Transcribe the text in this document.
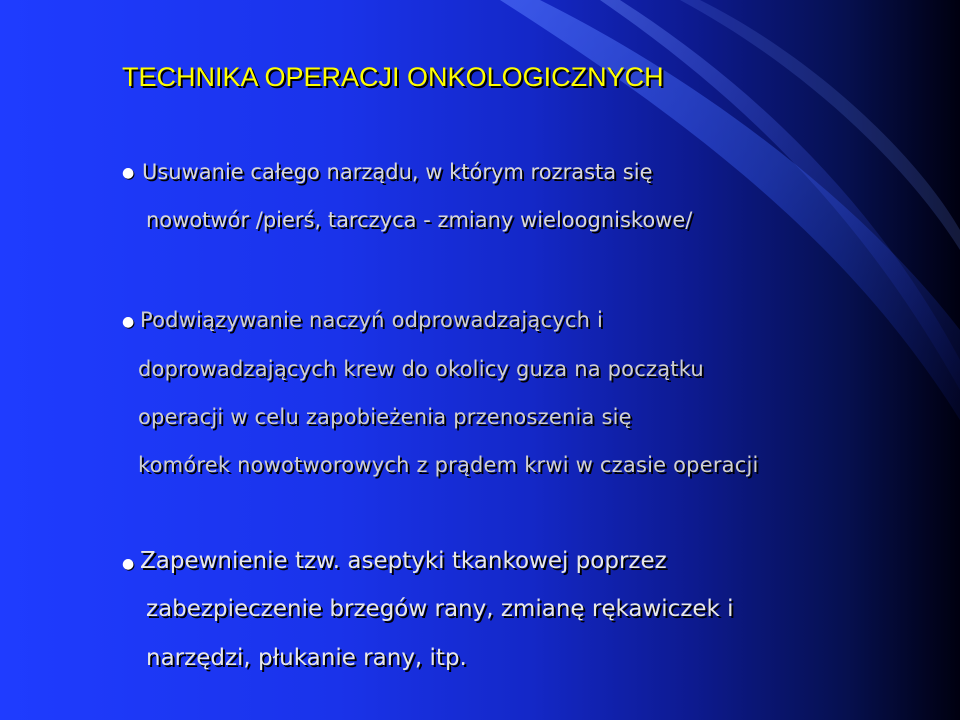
TECHNIKA OPERACJI ONKOLOGICZNYCH
● Usuwanie całego narządu, w którym rozrasta się
nowotwór /pierś, tarczyca - zmiany wieloogniskowe/
● Podwiązywanie naczyń odprowadzających i
doprowadzających krew do okolicy guza na początku
operacji w celu zapobieżenia przenoszenia się
komórek nowotworowych z prądem krwi w czasie operacji
● Zapewnienie tzw. aseptyki tkankowej poprzez
zabezpieczenie brzegów rany, zmianę rękawiczek i
narzędzi, płukanie rany, itp.
